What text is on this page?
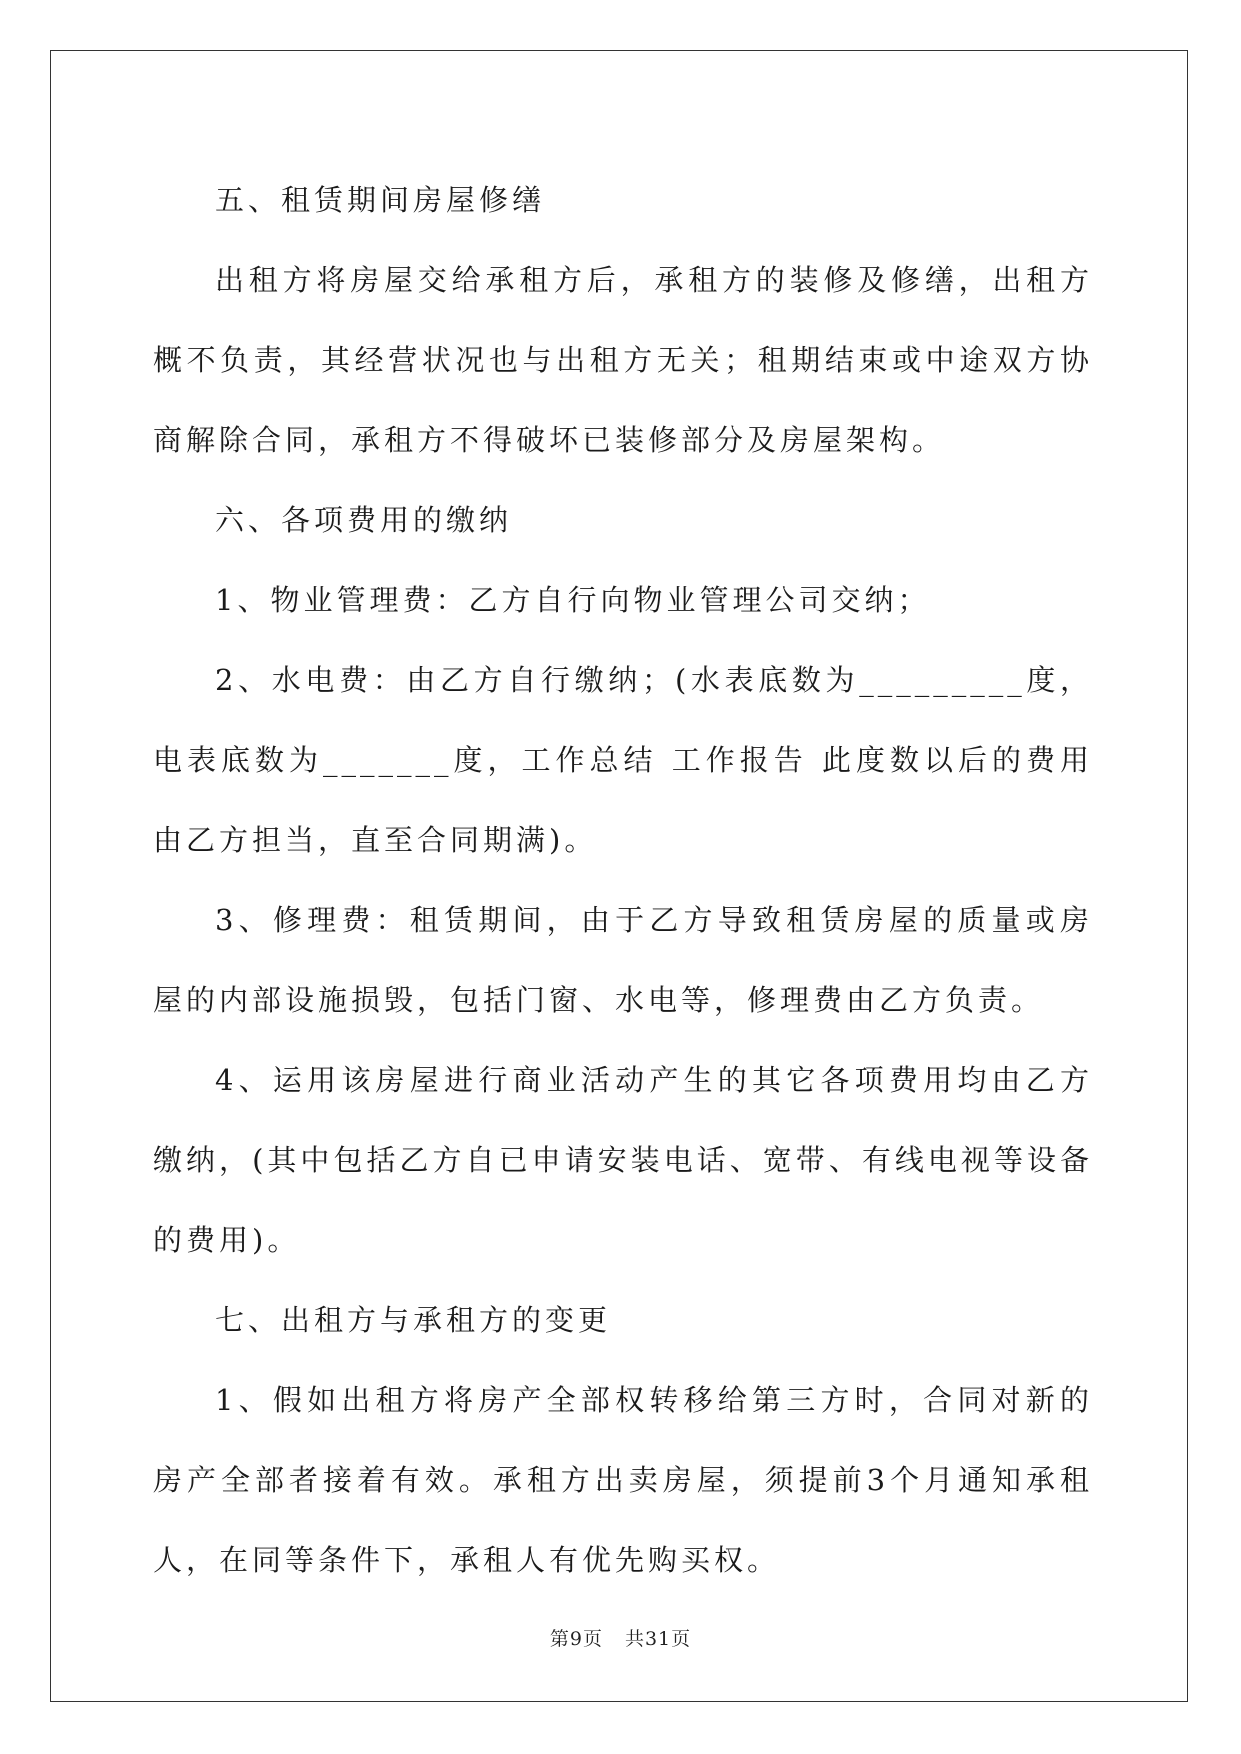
五、租赁期间房屋修缮

出租方将房屋交给承租方后，承租方的装修及修缮，出租方概不负责，其经营状况也与出租方无关；租期结束或中途双方协商解除合同，承租方不得破坏已装修部分及房屋架构。

六、各项费用的缴纳

1、物业管理费：乙方自行向物业管理公司交纳；

2、水电费：由乙方自行缴纳；(水表底数为_________度，电表底数为_______度，工作总结 工作报告 此度数以后的费用由乙方担当，直至合同期满)。

3、修理费：租赁期间，由于乙方导致租赁房屋的质量或房屋的内部设施损毁，包括门窗、水电等，修理费由乙方负责。

4、运用该房屋进行商业活动产生的其它各项费用均由乙方缴纳，(其中包括乙方自已申请安装电话、宽带、有线电视等设备的费用)。

七、出租方与承租方的变更

1、假如出租方将房产全部权转移给第三方时，合同对新的房产全部者接着有效。承租方出卖房屋，须提前3个月通知承租人，在同等条件下，承租人有优先购买权。

第9页 共31页
